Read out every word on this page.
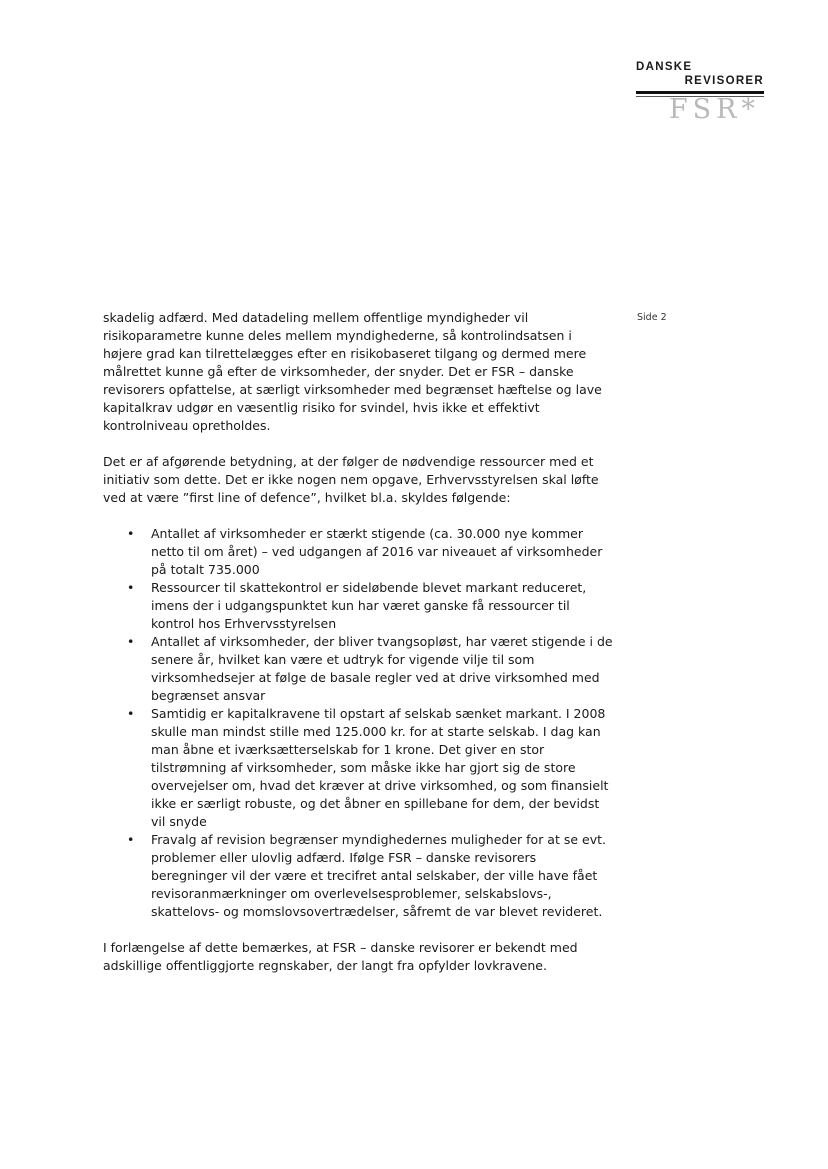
DANSKE
REVISORER
FSR*
Side 2

skadelig adfærd. Med datadeling mellem offentlige myndigheder vil risikoparametre kunne deles mellem myndighederne, så kontrolindsatsen i højere grad kan tilrettelægges efter en risikobaseret tilgang og dermed mere målrettet kunne gå efter de virksomheder, der snyder. Det er FSR – danske revisorers opfattelse, at særligt virksomheder med begrænset hæftelse og lave kapitalkrav udgør en væsentlig risiko for svindel, hvis ikke et effektivt kontrolniveau opretholdes.

Det er af afgørende betydning, at der følger de nødvendige ressourcer med et initiativ som dette. Det er ikke nogen nem opgave, Erhvervsstyrelsen skal løfte ved at være ”first line of defence”, hvilket bl.a. skyldes følgende:

• Antallet af virksomheder er stærkt stigende (ca. 30.000 nye kommer netto til om året) – ved udgangen af 2016 var niveauet af virksomheder på totalt 735.000
• Ressourcer til skattekontrol er sideløbende blevet markant reduceret, imens der i udgangspunktet kun har været ganske få ressourcer til kontrol hos Erhvervsstyrelsen
• Antallet af virksomheder, der bliver tvangsopløst, har været stigende i de senere år, hvilket kan være et udtryk for vigende vilje til som virksomhedsejer at følge de basale regler ved at drive virksomhed med begrænset ansvar
• Samtidig er kapitalkravene til opstart af selskab sænket markant. I 2008 skulle man mindst stille med 125.000 kr. for at starte selskab. I dag kan man åbne et iværksætterselskab for 1 krone. Det giver en stor tilstrømning af virksomheder, som måske ikke har gjort sig de store overvejelser om, hvad det kræver at drive virksomhed, og som finansielt ikke er særligt robuste, og det åbner en spillebane for dem, der bevidst vil snyde
• Fravalg af revision begrænser myndighedernes muligheder for at se evt. problemer eller ulovlig adfærd. Ifølge FSR – danske revisorers beregninger vil der være et trecifret antal selskaber, der ville have fået revisoranmærkninger om overlevelsesproblemer, selskabslovs-, skattelovs- og momslovsovertrædelser, såfremt de var blevet revideret.

I forlængelse af dette bemærkes, at FSR – danske revisorer er bekendt med adskillige offentliggjorte regnskaber, der langt fra opfylder lovkravene.
